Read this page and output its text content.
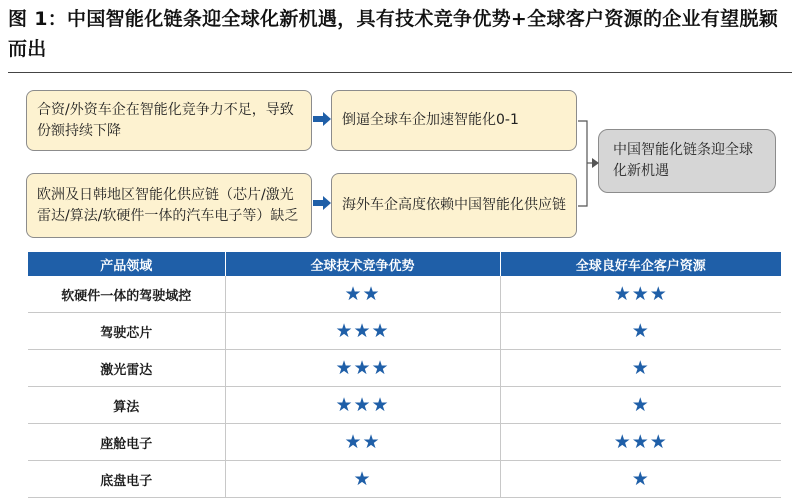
图 1：中国智能化链条迎全球化新机遇，具有技术竞争优势+全球客户资源的企业有望脱颖而出
合资/外资车企在智能化竞争力不足，导致份额持续下降
倒逼全球车企加速智能化0-1
欧洲及日韩地区智能化供应链（芯片/激光雷达/算法/软硬件一体的汽车电子等）缺乏
海外车企高度依赖中国智能化供应链
中国智能化链条迎全球化新机遇
产品领域	全球技术竞争优势	全球良好车企客户资源
软硬件一体的驾驶域控	★★	★★★
驾驶芯片	★★★	★
激光雷达	★★★	★
算法	★★★	★
座舱电子	★★	★★★
底盘电子	★	★
